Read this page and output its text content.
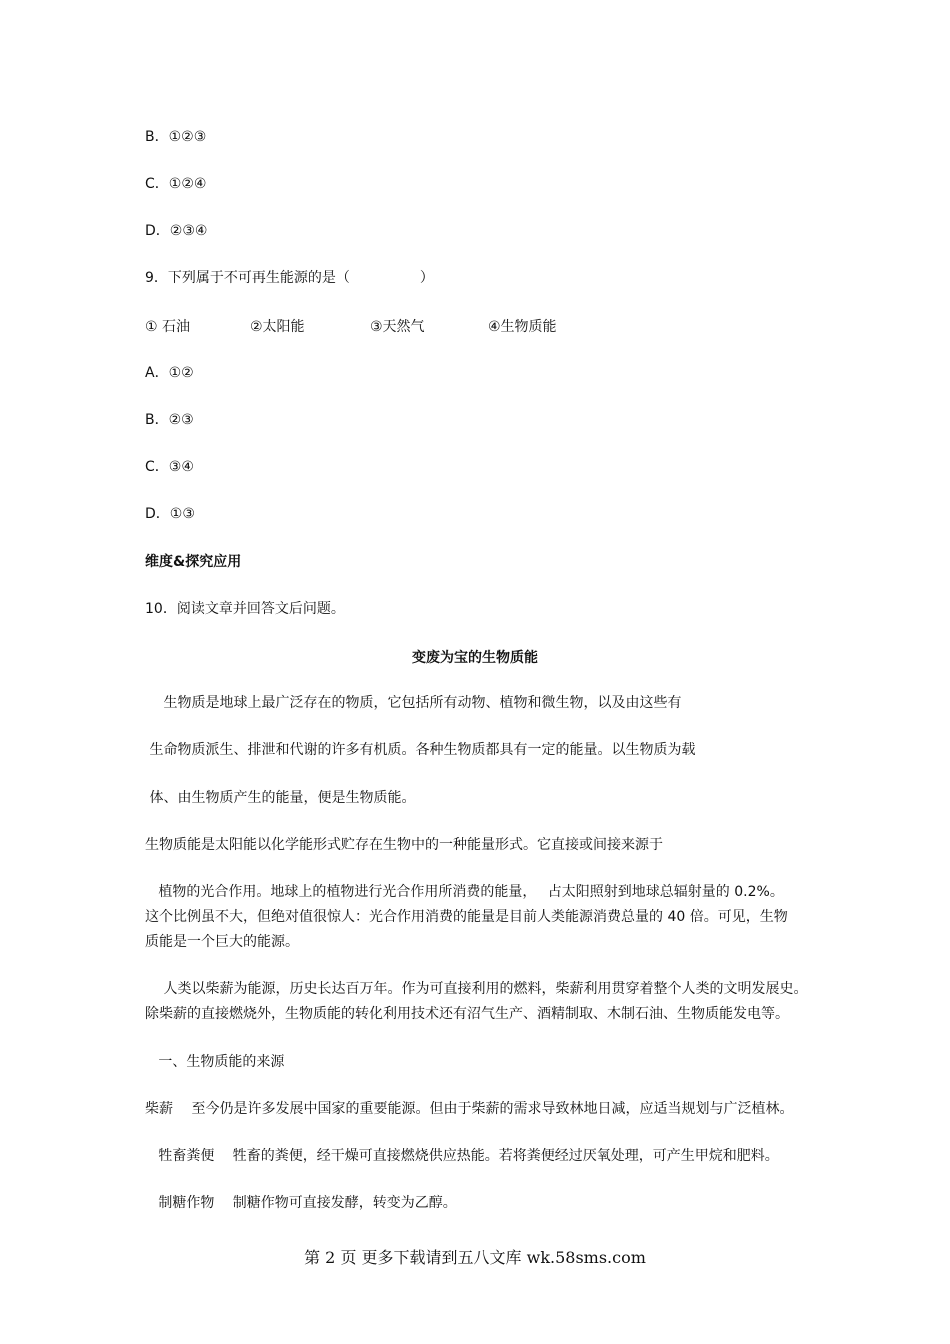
B．①②③
C．①②④
D．②③④
9．下列属于不可再生能源的是（　　　　　）
① 石油	②太阳能	③天然气	④生物质能
A．①②
B．②③
C．③④
D．①③
维度&探究应用
10．阅读文章并回答文后问题。
变废为宝的生物质能
　 生物质是地球上最广泛存在的物质，它包括所有动物、植物和微生物，以及由这些有
生命物质派生、排泄和代谢的许多有机质。各种生物质都具有一定的能量。以生物质为载
体、由生物质产生的能量，便是生物质能。
生物质能是太阳能以化学能形式贮存在生物中的一种能量形式。它直接或间接来源于
植物的光合作用。地球上的植物进行光合作用所消费的能量，　 占太阳照射到地球总辐射量的 0.2%。
这个比例虽不大，但绝对值很惊人：光合作用消费的能量是目前人类能源消费总量的 40 倍。可见，生物
质能是一个巨大的能源。
　 人类以柴薪为能源，历史长达百万年。作为可直接利用的燃料，柴薪利用贯穿着整个人类的文明发展史。
除柴薪的直接燃烧外，生物质能的转化利用技术还有沼气生产、酒精制取、木制石油、生物质能发电等。
一、生物质能的来源
柴薪　 至今仍是许多发展中国家的重要能源。但由于柴薪的需求导致林地日减，应适当规划与广泛植林。
牲畜粪便　 牲畜的粪便，经干燥可直接燃烧供应热能。若将粪便经过厌氧处理，可产生甲烷和肥料。
制糖作物　 制糖作物可直接发酵，转变为乙醇。
第 2 页 更多下载请到五八文库 wk.58sms.com
